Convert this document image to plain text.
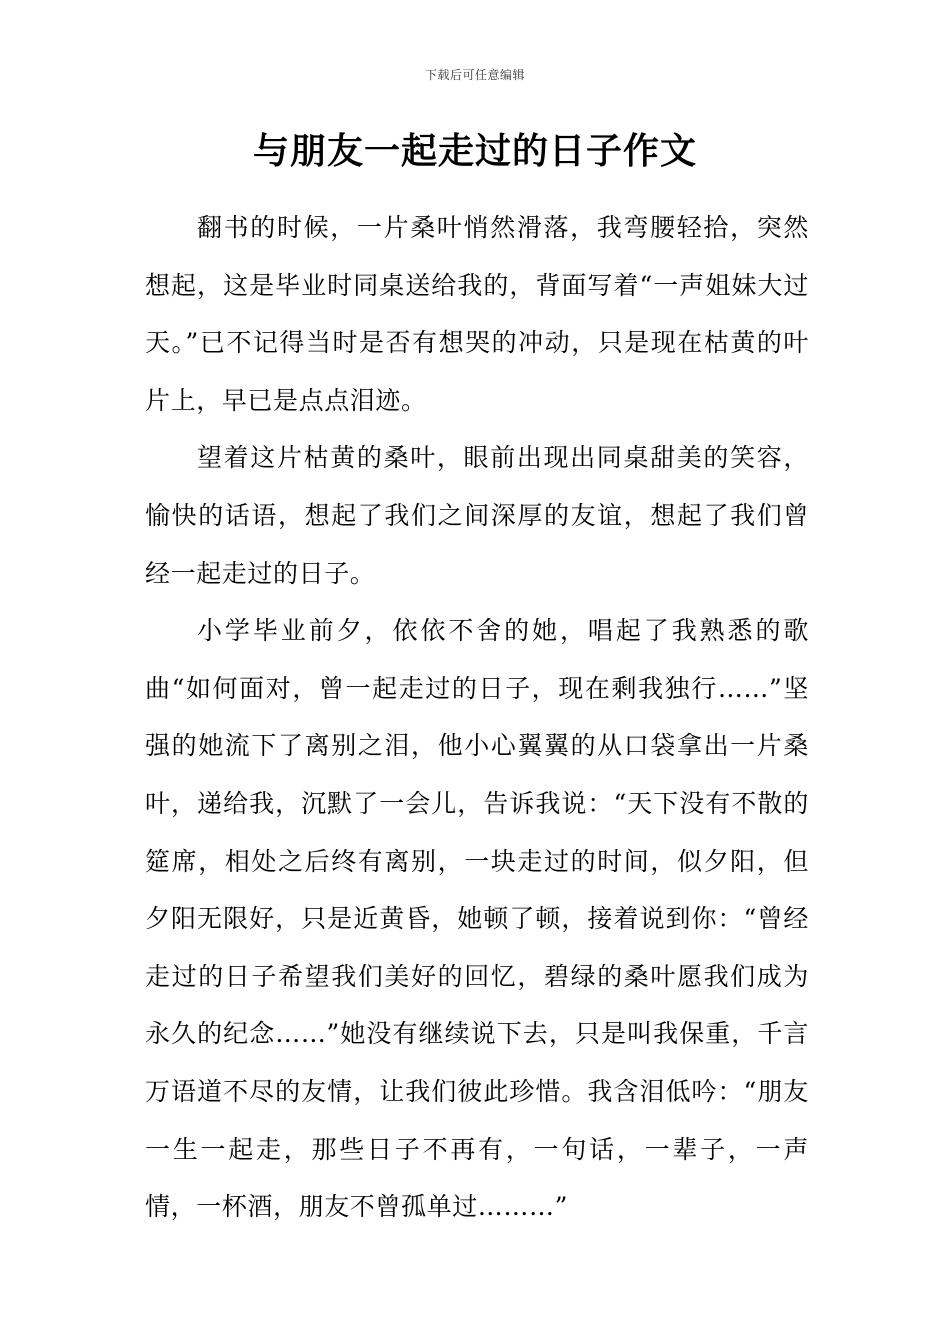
下载后可任意编辑
与朋友一起走过的日子作文

翻书的时候，一片桑叶悄然滑落，我弯腰轻拾，突然想起，这是毕业时同桌送给我的，背面写着“一声姐妹大过天。”已不记得当时是否有想哭的冲动，只是现在枯黄的叶片上，早已是点点泪迹。

望着这片枯黄的桑叶，眼前出现出同桌甜美的笑容，愉快的话语，想起了我们之间深厚的友谊，想起了我们曾经一起走过的日子。

小学毕业前夕，依依不舍的她，唱起了我熟悉的歌曲“如何面对，曾一起走过的日子，现在剩我独行……”坚强的她流下了离别之泪，他小心翼翼的从口袋拿出一片桑叶，递给我，沉默了一会儿，告诉我说：“天下没有不散的筵席，相处之后终有离别，一块走过的时间，似夕阳，但夕阳无限好，只是近黄昏，她顿了顿，接着说到你：“曾经走过的日子希望我们美好的回忆，碧绿的桑叶愿我们成为永久的纪念……”她没有继续说下去，只是叫我保重，千言万语道不尽的友情，让我们彼此珍惜。我含泪低吟：“朋友一生一起走，那些日子不再有，一句话，一辈子，一声情，一杯酒，朋友不曾孤单过………”
